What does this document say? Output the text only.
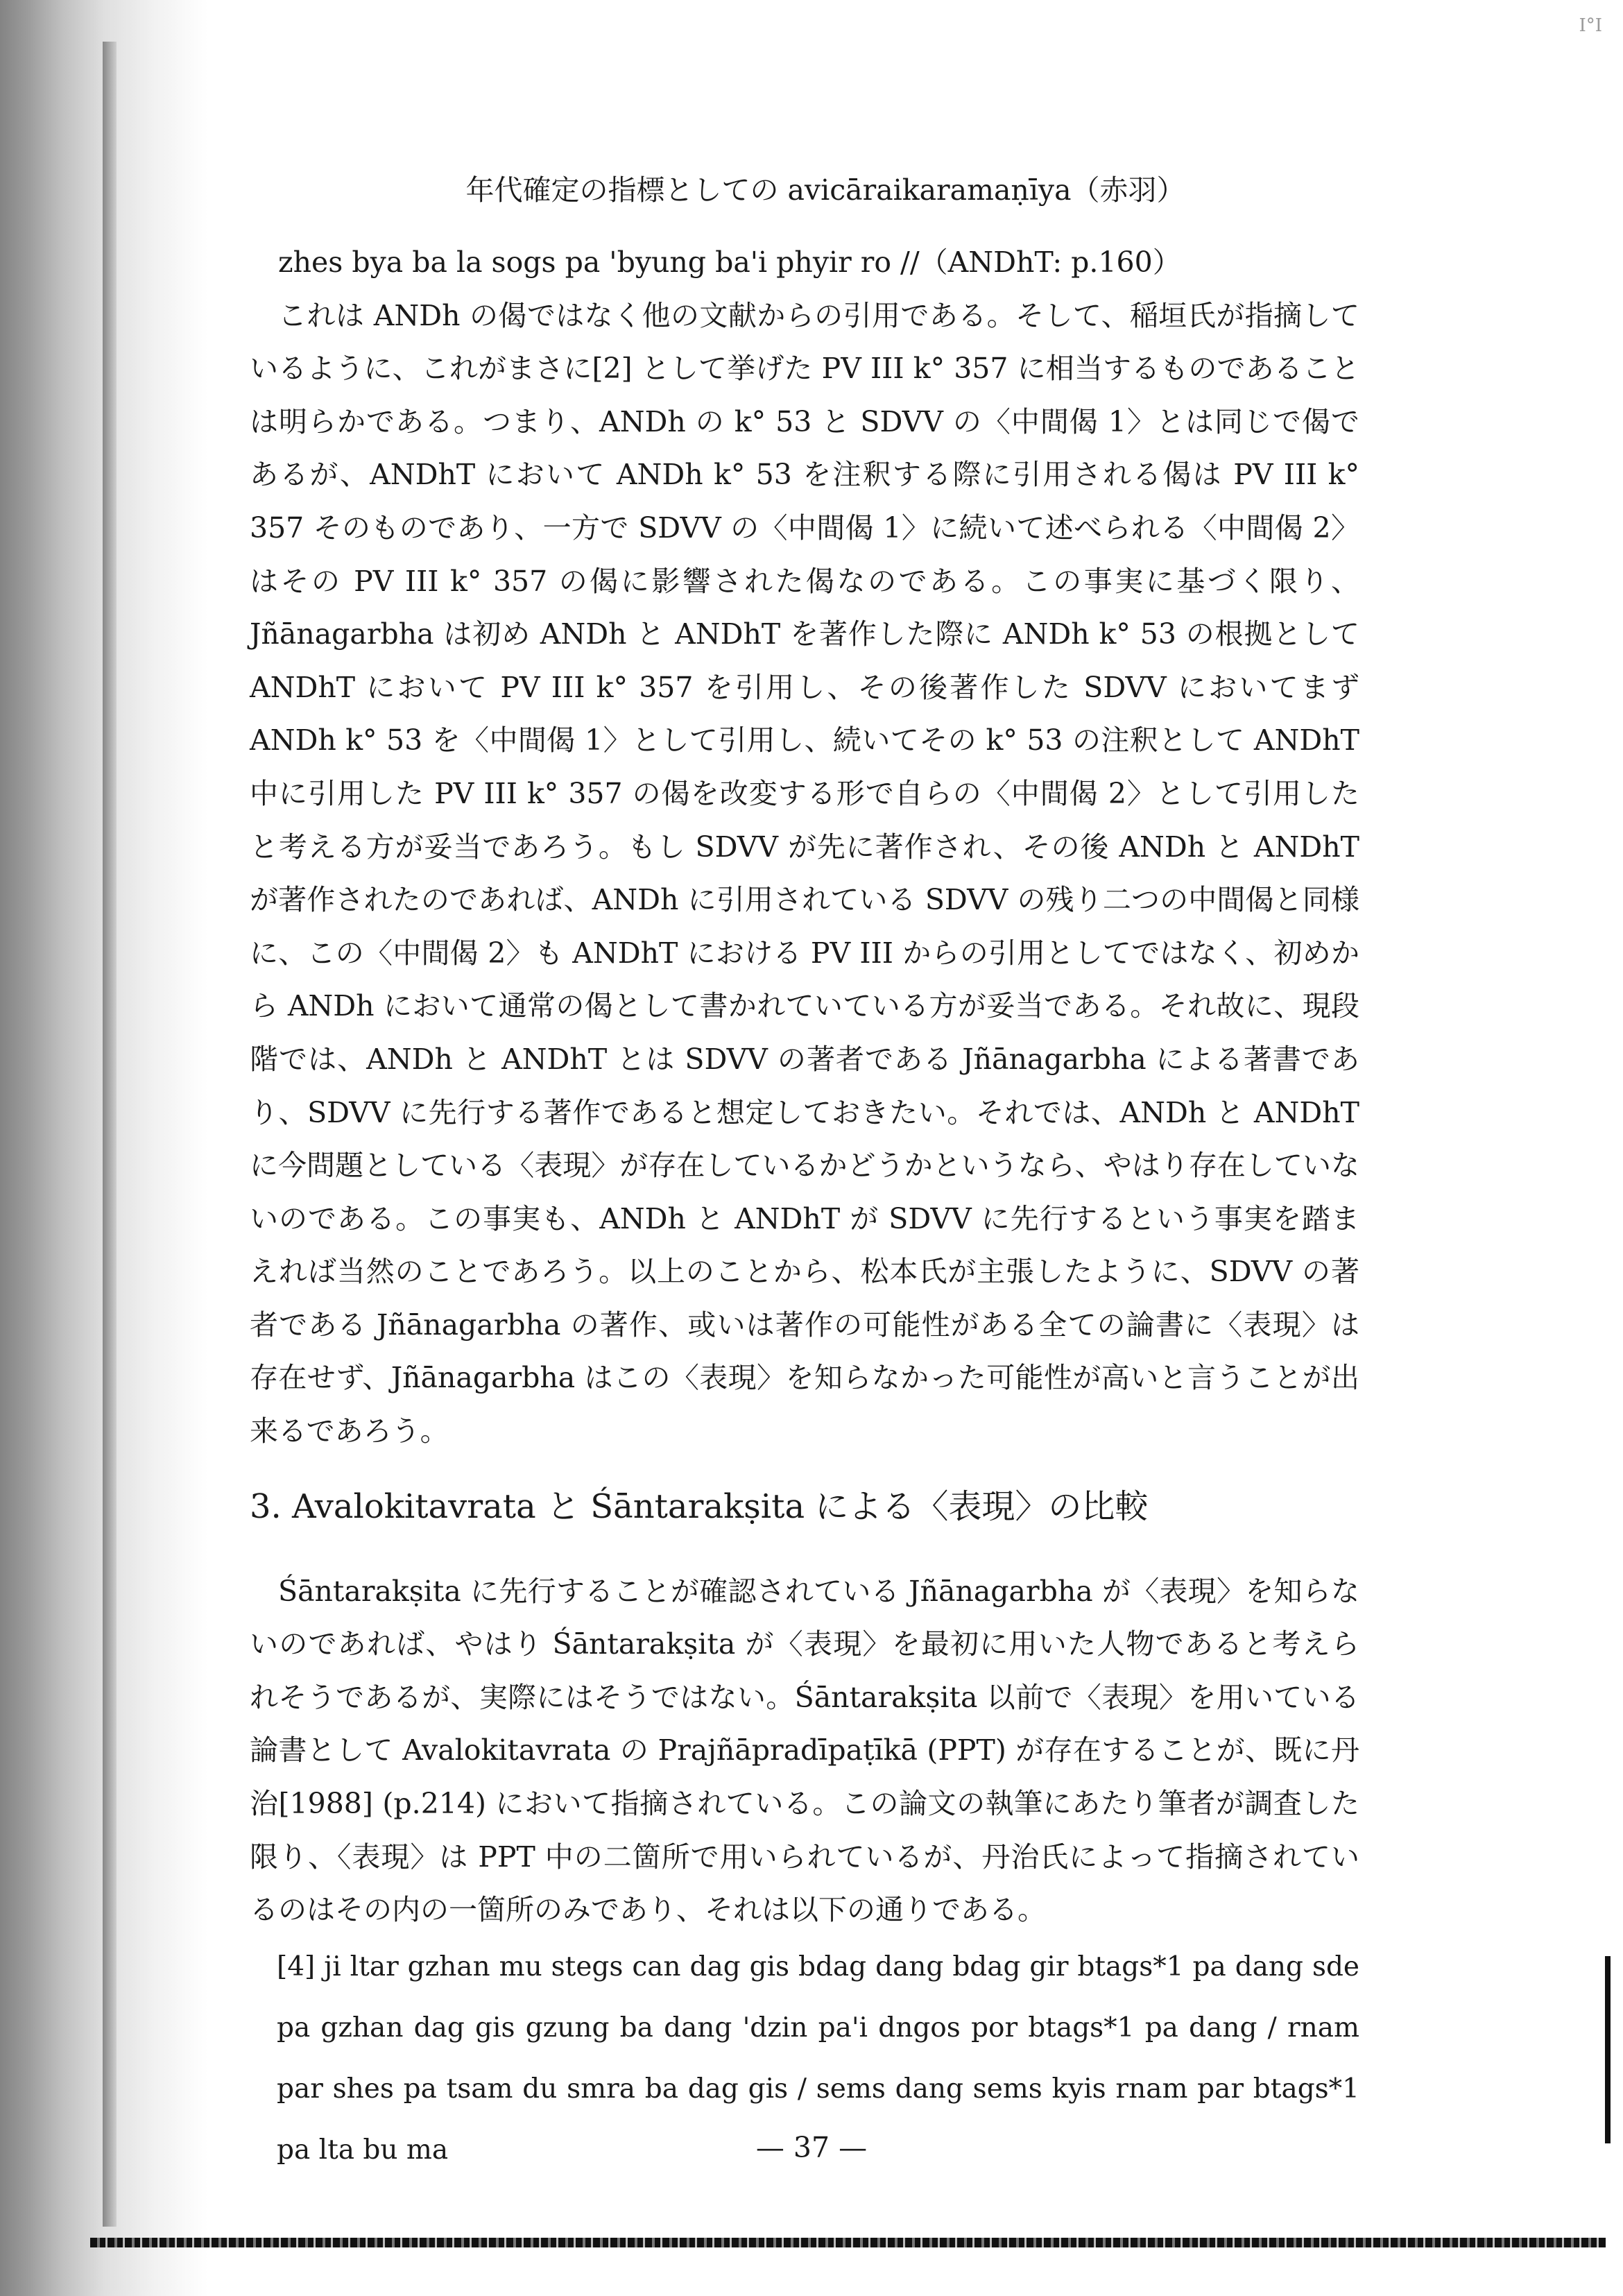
I°I
年代確定の指標としての avicāraikaramaṇīya（赤羽）

zhes bya ba la sogs pa 'byung ba'i phyir ro //（ANDhT: p.160）

これは ANDh の偈ではなく他の文献からの引用である。そして、稲垣氏が指摘しているように、これがまさに[2] として挙げた PV III k° 357 に相当するものであることは明らかである。つまり、ANDh の k° 53 と SDVV の〈中間偈 1〉とは同じで偈であるが、ANDhT において ANDh k° 53 を注釈する際に引用される偈は PV III k° 357 そのものであり、一方で SDVV の〈中間偈 1〉に続いて述べられる〈中間偈 2〉はその PV III k° 357 の偈に影響された偈なのである。この事実に基づく限り、Jñānagarbha は初め ANDh と ANDhT を著作した際に ANDh k° 53 の根拠として ANDhT において PV III k° 357 を引用し、その後著作した SDVV においてまず ANDh k° 53 を〈中間偈 1〉として引用し、続いてその k° 53 の注釈として ANDhT 中に引用した PV III k° 357 の偈を改変する形で自らの〈中間偈 2〉として引用したと考える方が妥当であろう。もし SDVV が先に著作され、その後 ANDh と ANDhT が著作されたのであれば、ANDh に引用されている SDVV の残り二つの中間偈と同様に、この〈中間偈 2〉も ANDhT における PV III からの引用としてではなく、初めから ANDh において通常の偈として書かれていている方が妥当である。それ故に、現段階では、ANDh と ANDhT とは SDVV の著者である Jñānagarbha による著書であり、SDVV に先行する著作であると想定しておきたい。それでは、ANDh と ANDhT に今問題としている〈表現〉が存在しているかどうかというなら、やはり存在していないのである。この事実も、ANDh と ANDhT が SDVV に先行するという事実を踏まえれば当然のことであろう。以上のことから、松本氏が主張したように、SDVV の著者である Jñānagarbha の著作、或いは著作の可能性がある全ての論書に〈表現〉は存在せず、Jñānagarbha はこの〈表現〉を知らなかった可能性が高いと言うことが出来るであろう。

3. Avalokitavrata と Śāntarakṣita による〈表現〉の比較

Śāntarakṣita に先行することが確認されている Jñānagarbha が〈表現〉を知らないのであれば、やはり Śāntarakṣita が〈表現〉を最初に用いた人物であると考えられそうであるが、実際にはそうではない。Śāntarakṣita 以前で〈表現〉を用いている論書として Avalokitavrata の Prajñāpradīpaṭīkā (PPT) が存在することが、既に丹治[1988] (p.214) において指摘されている。この論文の執筆にあたり筆者が調査した限り、〈表現〉は PPT 中の二箇所で用いられているが、丹治氏によって指摘されているのはその内の一箇所のみであり、それは以下の通りである。

[4] ji ltar gzhan mu stegs can dag gis bdag dang bdag gir btags*1 pa dang sde pa gzhan dag gis gzung ba dang 'dzin pa'i dngos por btags*1 pa dang / rnam par shes pa tsam du smra ba dag gis / sems dang sems kyis rnam par btags*1 pa lta bu ma	— 37 —
